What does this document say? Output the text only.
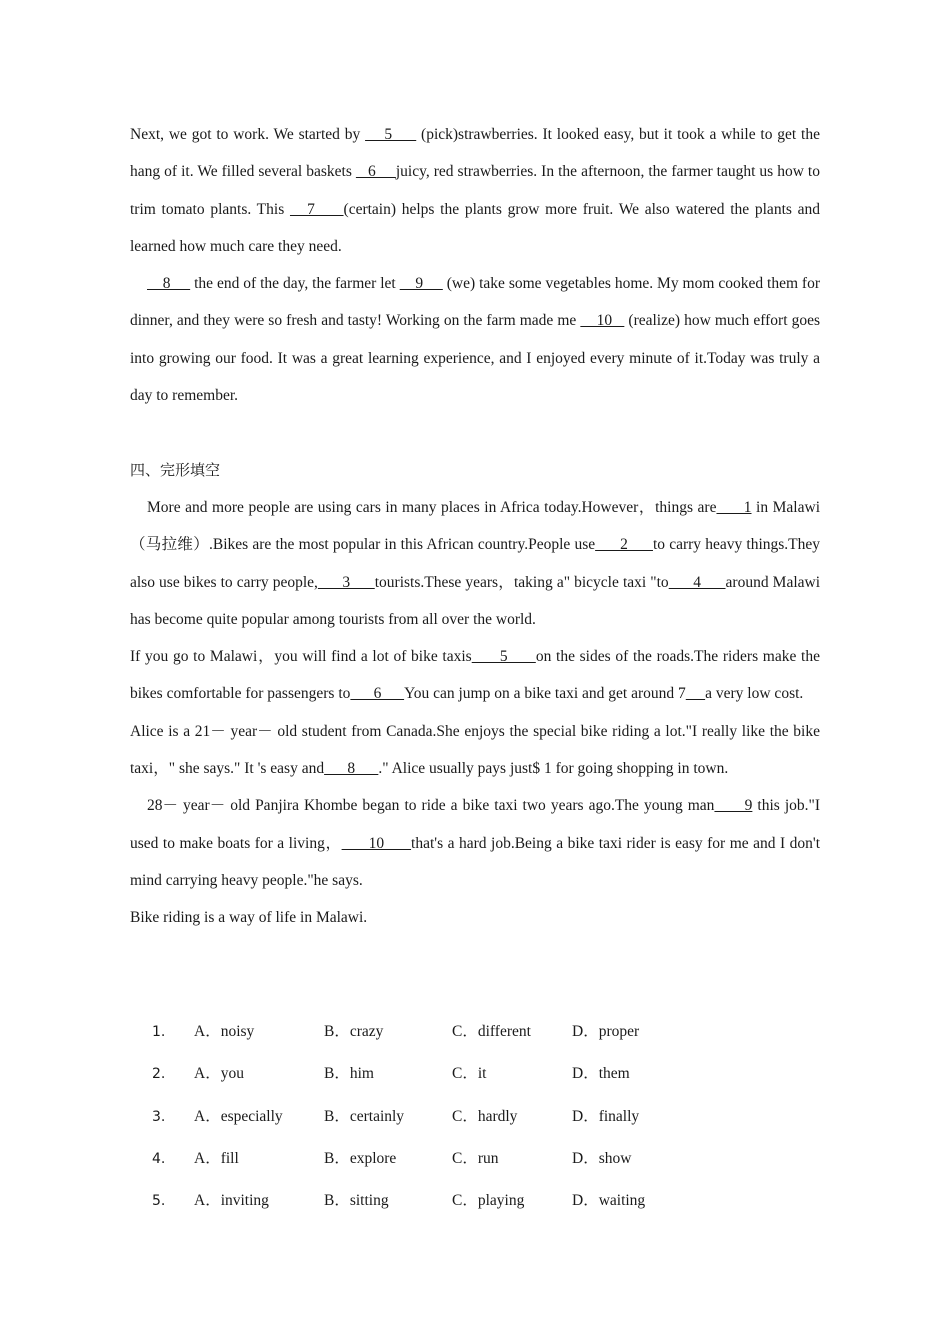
Next, we got to work. We started by     5      (pick)strawberries. It looked easy, but it took a while to get the hang of it. We filled several baskets    6     juicy, red strawberries. In the afternoon, the farmer taught us how to trim tomato plants. This    7     (certain) helps the plants grow more fruit. We also watered the plants and learned how much care they need.

8      the end of the day, the farmer let     9      (we) take some vegetables home. My mom cooked them for dinner, and they were so fresh and tasty! Working on the farm made me     10    (realize) how much effort goes into growing our food. It was a great learning experience, and I enjoyed every minute of it.Today was truly a day to remember.

四、完形填空

More and more people are using cars in many places in Africa today.However，things are      1 in Malawi（马拉维）.Bikes are the most popular in this African country.People use      2      to carry heavy things.They also use bikes to carry people,      3      tourists.These years，taking a" bicycle taxi "to      4      around Malawi has become quite popular among tourists from all over the world.

If you go to Malawi，you will find a lot of bike taxis      5      on the sides of the roads.The riders make the bikes comfortable for passengers to      6      You can jump on a bike taxi and get around 7 a very low cost.

Alice is a 21－ year－ old student from Canada.She enjoys the special bike riding a lot."I really like the bike taxi，" she says." It 's easy and      8      ." Alice usually pays just$ 1 for going shopping in town.

28－ year－ old Panjira Khombe began to ride a bike taxi two years ago.The young man      9 this job."I used to make boats for a living，      10      that's a hard job.Being a bike taxi rider is easy for me and I don't mind carrying heavy people."he says.

Bike riding is a way of life in Malawi.

1. A．noisy	B．crazy	C．different	D．proper
2. A．you	B．him	C．it	D．them
3. A．especially	B．certainly	C．hardly	D．finally
4. A．fill	B．explore	C．run	D．show
5. A．inviting	B．sitting	C．playing	D．waiting
